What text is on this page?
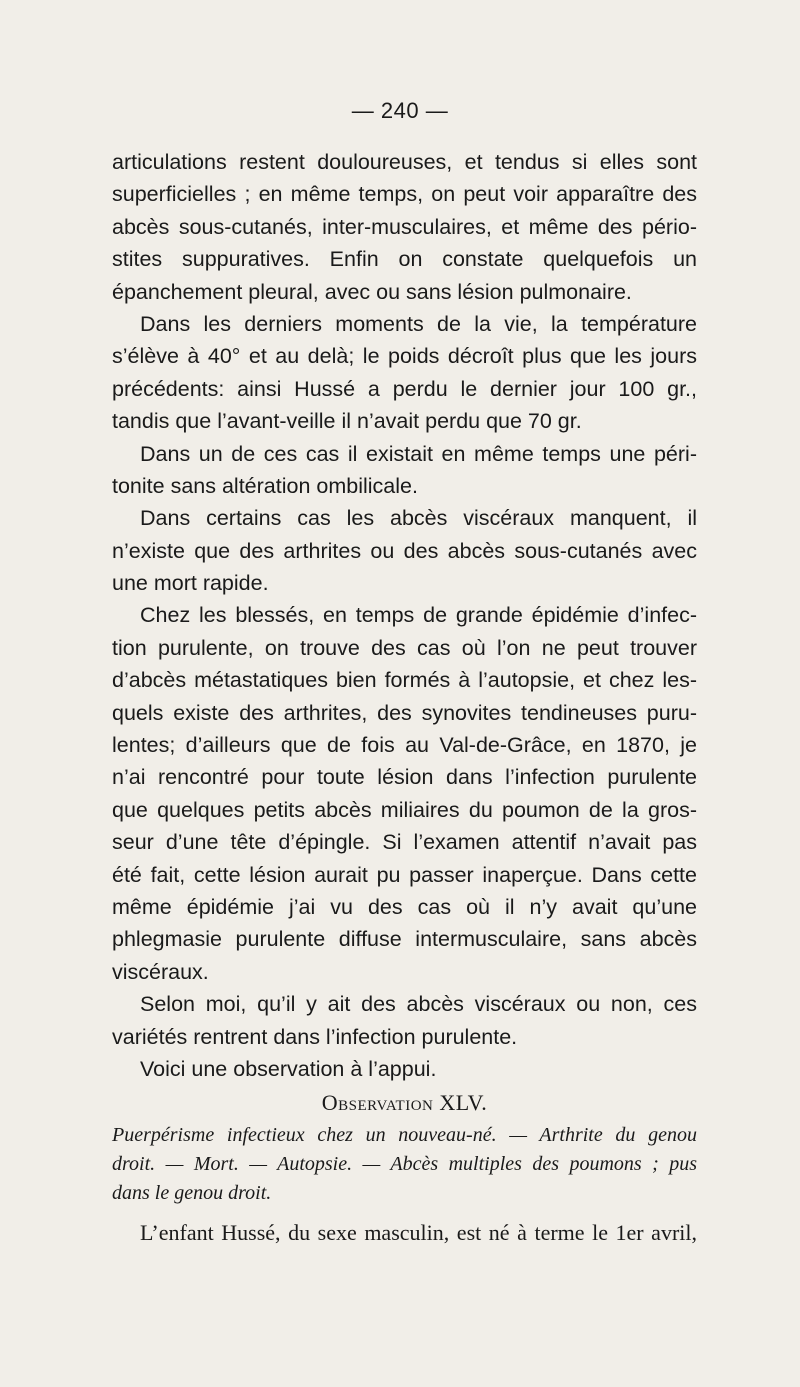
— 240 —
articulations restent douloureuses, et tendus si elles sont
superficielles ; en même temps, on peut voir apparaître des
abcès sous-cutanés, inter-musculaires, et même des pério-
stites suppuratives. Enfin on constate quelquefois un
épanchement pleural, avec ou sans lésion pulmonaire.
Dans les derniers moments de la vie, la température
s’élève à 40° et au delà; le poids décroît plus que les jours
précédents: ainsi Hussé a perdu le dernier jour 100 gr.,
tandis que l’avant-veille il n’avait perdu que 70 gr.
Dans un de ces cas il existait en même temps une péri-
tonite sans altération ombilicale.
Dans certains cas les abcès viscéraux manquent, il
n’existe que des arthrites ou des abcès sous-cutanés avec
une mort rapide.
Chez les blessés, en temps de grande épidémie d’infec-
tion purulente, on trouve des cas où l’on ne peut trouver
d’abcès métastatiques bien formés à l’autopsie, et chez les-
quels existe des arthrites, des synovites tendineuses puru-
lentes; d’ailleurs que de fois au Val-de-Grâce, en 1870, je
n’ai rencontré pour toute lésion dans l’infection purulente
que quelques petits abcès miliaires du poumon de la gros-
seur d’une tête d’épingle. Si l’examen attentif n’avait pas
été fait, cette lésion aurait pu passer inaperçue. Dans cette
même épidémie j’ai vu des cas où il n’y avait qu’une
phlegmasie purulente diffuse intermusculaire, sans abcès
viscéraux.
Selon moi, qu’il y ait des abcès viscéraux ou non, ces
variétés rentrent dans l’infection purulente.
Voici une observation à l’appui.
Observation XLV.
Puerpérisme infectieux chez un nouveau-né. — Arthrite du genou
droit. — Mort. — Autopsie. — Abcès multiples des poumons ; pus
dans le genou droit.
L’enfant Hussé, du sexe masculin, est né à terme le 1er avril,
